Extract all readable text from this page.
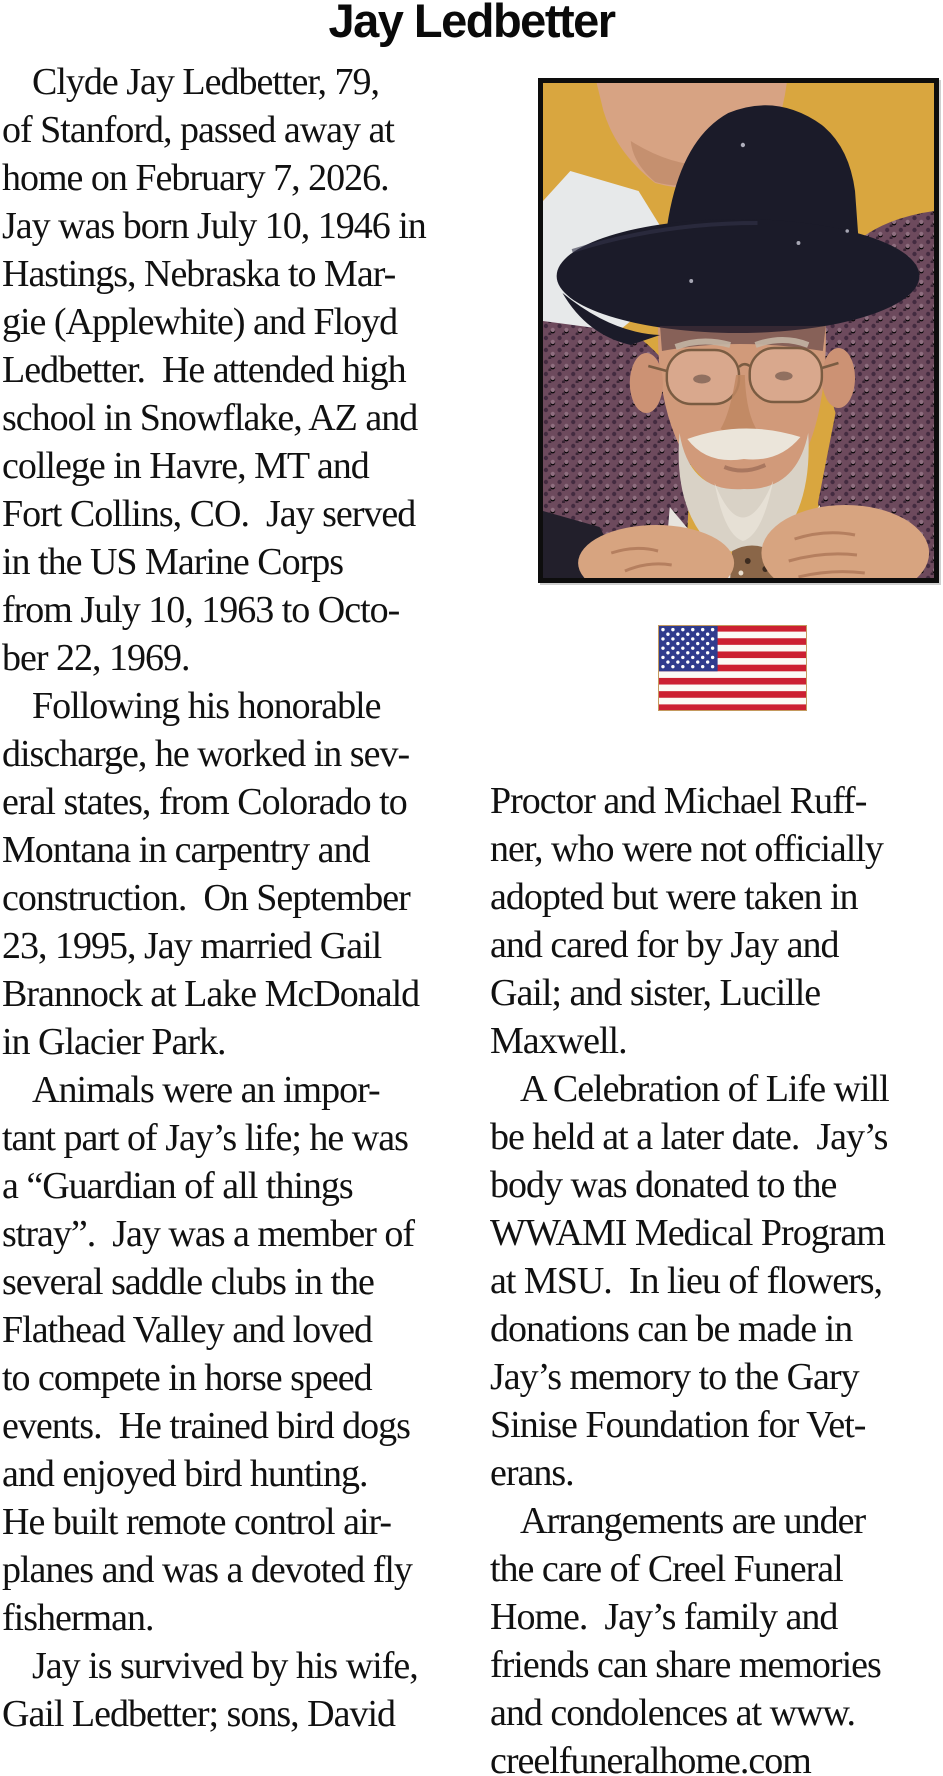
Jay Ledbetter
Clyde Jay Ledbetter, 79,
of Stanford, passed away at
home on February 7, 2026.
Jay was born July 10, 1946 in
Hastings, Nebraska to Mar-
gie (Applewhite) and Floyd
Ledbetter.  He attended high
school in Snowflake, AZ and
college in Havre, MT and
Fort Collins, CO.  Jay served
in the US Marine Corps
from July 10, 1963 to Octo-
ber 22, 1969.
Following his honorable
discharge, he worked in sev-
eral states, from Colorado to
Montana in carpentry and
construction.  On September
23, 1995, Jay married Gail
Brannock at Lake McDonald
in Glacier Park.
Animals were an impor-
tant part of Jay’s life; he was
a “Guardian of all things
stray”.  Jay was a member of
several saddle clubs in the
Flathead Valley and loved
to compete in horse speed
events.  He trained bird dogs
and enjoyed bird hunting.
He built remote control air-
planes and was a devoted fly
fisherman.
Jay is survived by his wife,
Gail Ledbetter; sons, David
Proctor and Michael Ruff-
ner, who were not officially
adopted but were taken in
and cared for by Jay and
Gail; and sister, Lucille
Maxwell.
A Celebration of Life will
be held at a later date.  Jay’s
body was donated to the
WWAMI Medical Program
at MSU.  In lieu of flowers,
donations can be made in
Jay’s memory to the Gary
Sinise Foundation for Vet-
erans.
Arrangements are under
the care of Creel Funeral
Home.  Jay’s family and
friends can share memories
and condolences at www.
creelfuneralhome.com
